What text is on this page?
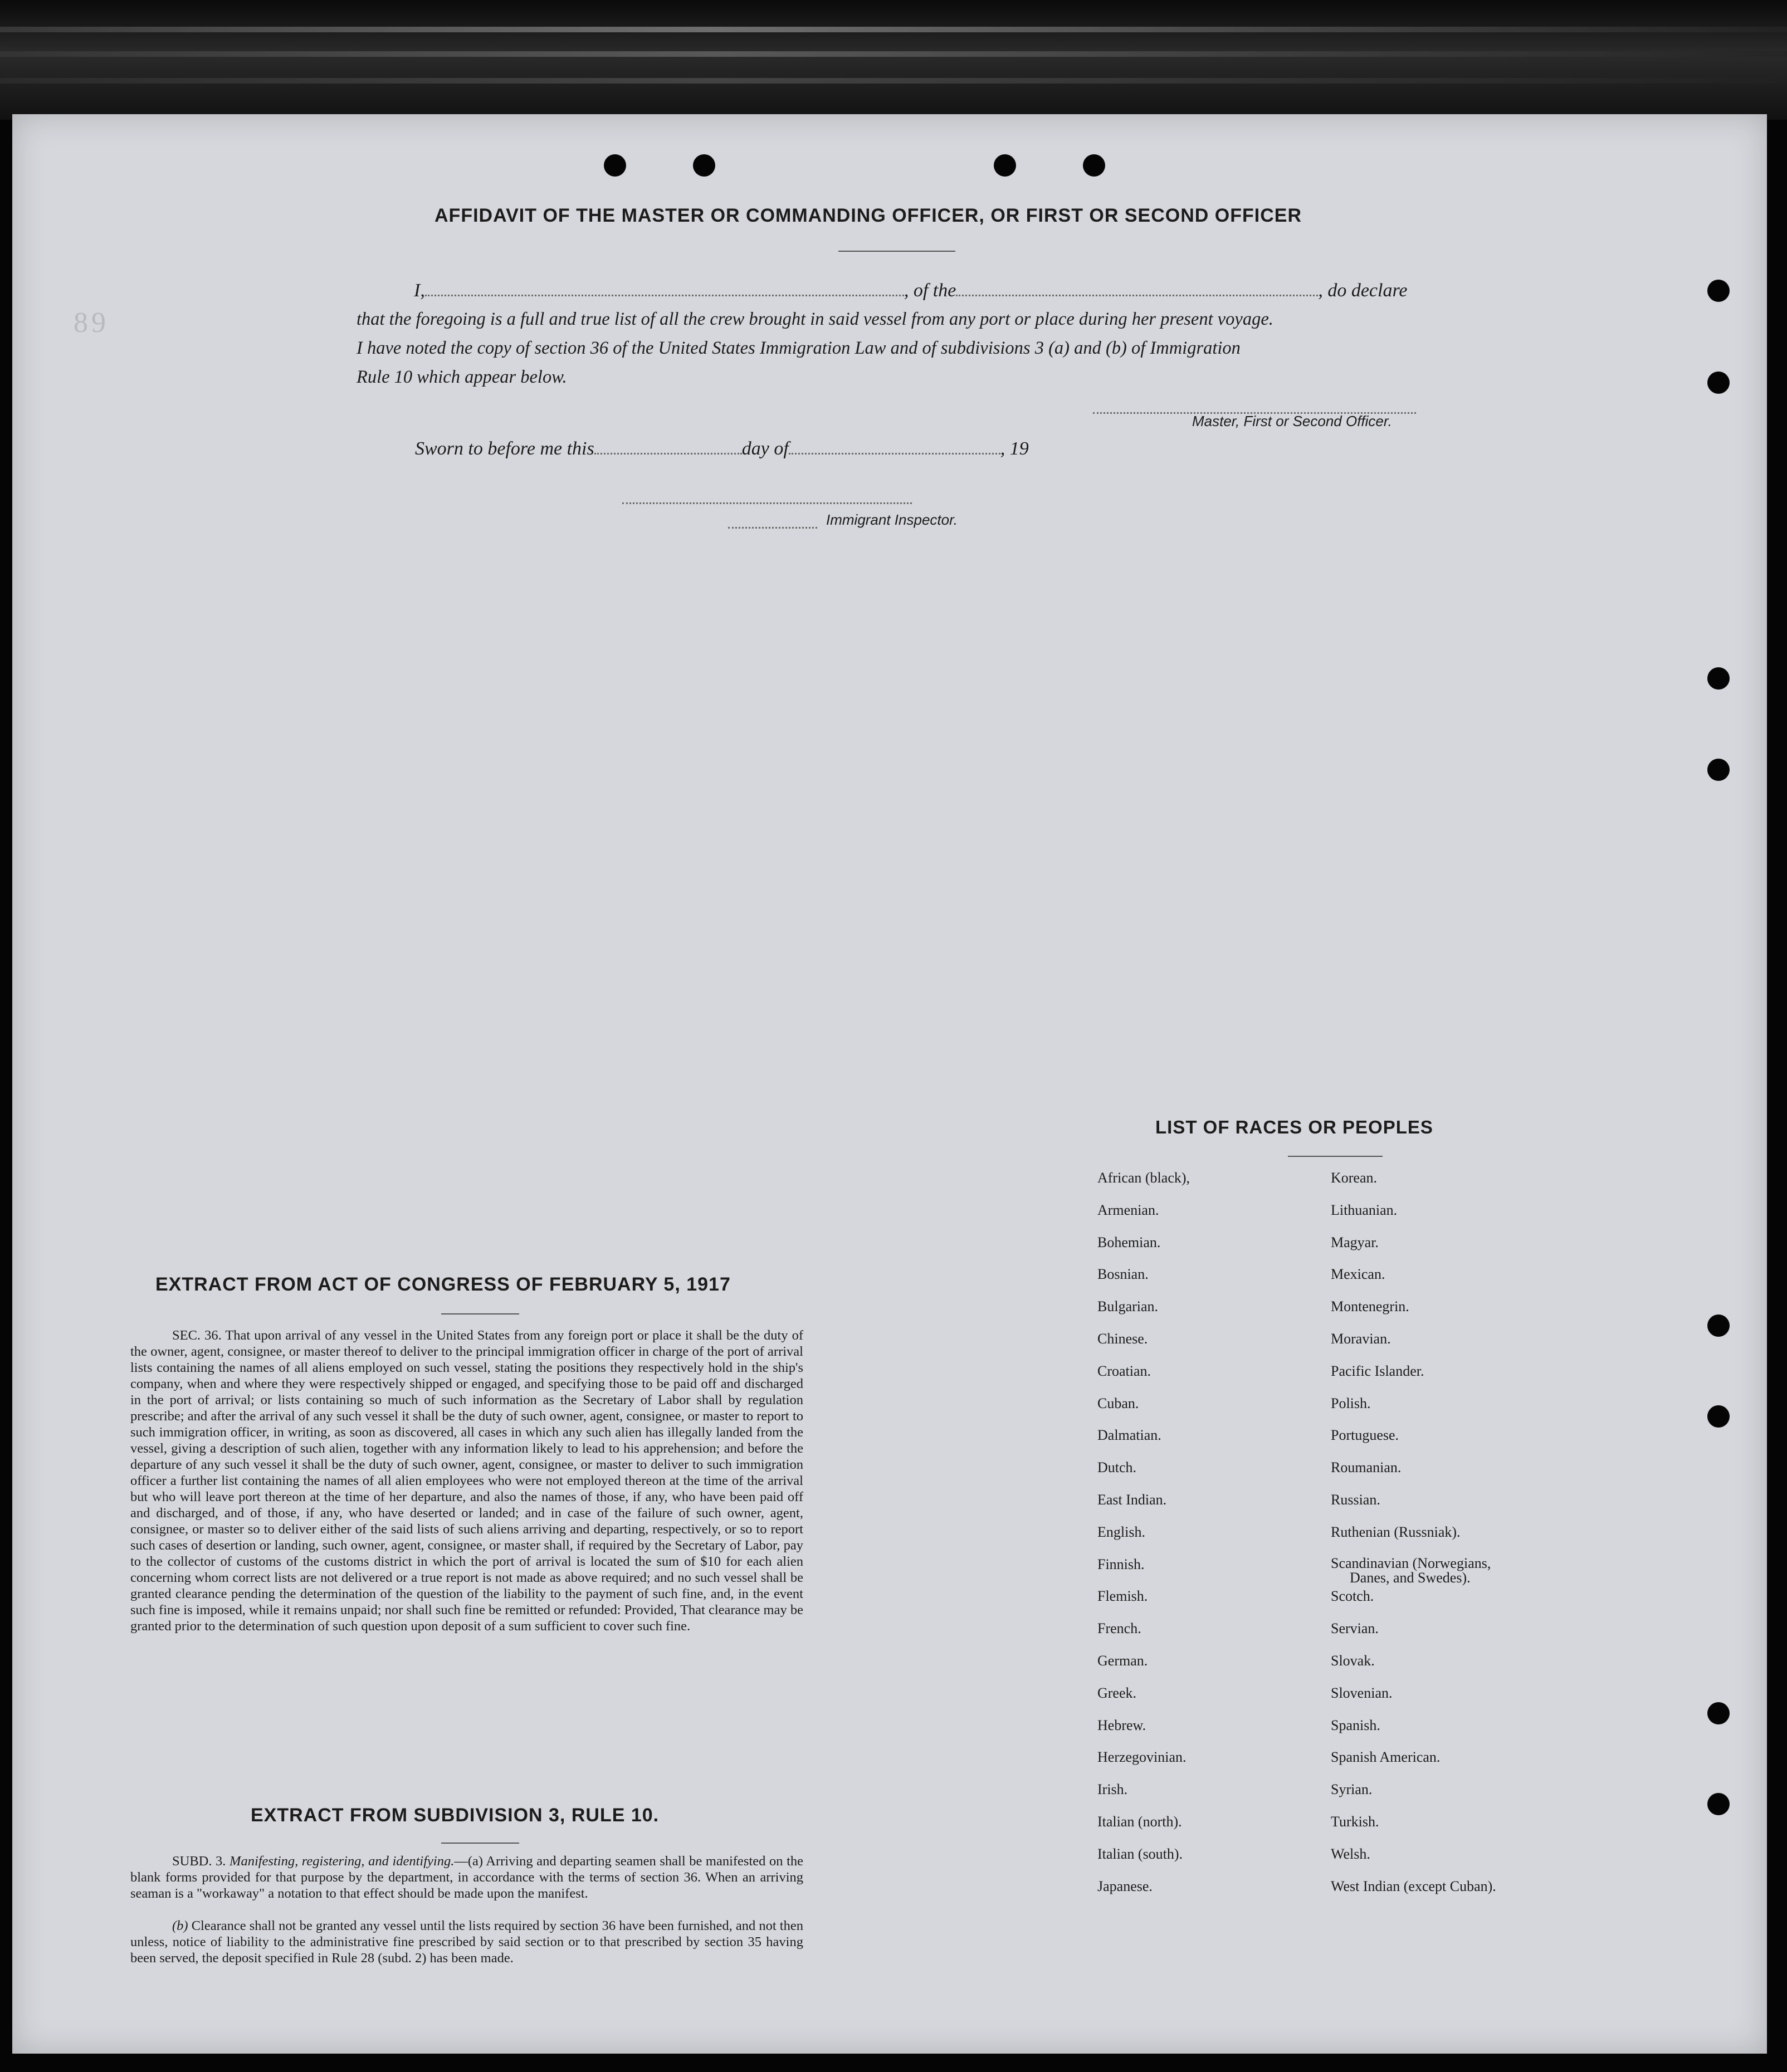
89
AFFIDAVIT OF THE MASTER OR COMMANDING OFFICER, OR FIRST OR SECOND OFFICER
I,	, of the	, do declare
that the foregoing is a full and true list of all the crew brought in said vessel from any port or place during her present voyage.
I have noted the copy of section 36 of the United States Immigration Law and of subdivisions 3 (a) and (b) of Immigration
Rule 10 which appear below.
Master, First or Second Officer.
Sworn to before me this	day of	, 19
Immigrant Inspector.
EXTRACT FROM ACT OF CONGRESS OF FEBRUARY 5, 1917
SEC. 36. That upon arrival of any vessel in the United States from any foreign port or place it shall be the duty of the owner, agent, consignee, or master thereof to deliver to the principal immigration officer in charge of the port of arrival lists containing the names of all aliens employed on such vessel, stating the positions they respectively hold in the ship's company, when and where they were respectively shipped or engaged, and specifying those to be paid off and discharged in the port of arrival; or lists containing so much of such information as the Secretary of Labor shall by regulation prescribe; and after the arrival of any such vessel it shall be the duty of such owner, agent, consignee, or master to report to such immigration officer, in writing, as soon as discovered, all cases in which any such alien has illegally landed from the vessel, giving a description of such alien, together with any information likely to lead to his apprehension; and before the departure of any such vessel it shall be the duty of such owner, agent, consignee, or master to deliver to such immigration officer a further list containing the names of all alien employees who were not employed thereon at the time of the arrival but who will leave port thereon at the time of her departure, and also the names of those, if any, who have been paid off and discharged, and of those, if any, who have deserted or landed; and in case of the failure of such owner, agent, consignee, or master so to deliver either of the said lists of such aliens arriving and departing, respectively, or so to report such cases of desertion or landing, such owner, agent, consignee, or master shall, if required by the Secretary of Labor, pay to the collector of customs of the customs district in which the port of arrival is located the sum of $10 for each alien concerning whom correct lists are not delivered or a true report is not made as above required; and no such vessel shall be granted clearance pending the determination of the question of the liability to the payment of such fine, and, in the event such fine is imposed, while it remains unpaid; nor shall such fine be remitted or refunded: Provided, That clearance may be granted prior to the determination of such question upon deposit of a sum sufficient to cover such fine.
EXTRACT FROM SUBDIVISION 3, RULE 10.
SUBD. 3. Manifesting, registering, and identifying.—(a) Arriving and departing seamen shall be manifested on the blank forms provided for that purpose by the department, in accordance with the terms of section 36. When an arriving seaman is a "workaway" a notation to that effect should be made upon the manifest.
(b) Clearance shall not be granted any vessel until the lists required by section 36 have been furnished, and not then unless, notice of liability to the administrative fine prescribed by said section or to that prescribed by section 35 having been served, the deposit specified in Rule 28 (subd. 2) has been made.
LIST OF RACES OR PEOPLES
African (black),
Armenian.
Bohemian.
Bosnian.
Bulgarian.
Chinese.
Croatian.
Cuban.
Dalmatian.
Dutch.
East Indian.
English.
Finnish.
Flemish.
French.
German.
Greek.
Hebrew.
Herzegovinian.
Irish.
Italian (north).
Italian (south).
Japanese.
Korean.
Lithuanian.
Magyar.
Mexican.
Montenegrin.
Moravian.
Pacific Islander.
Polish.
Portuguese.
Roumanian.
Russian.
Ruthenian (Russniak).
Scandinavian (Norwegians,
Danes, and Swedes).
Scotch.
Servian.
Slovak.
Slovenian.
Spanish.
Spanish American.
Syrian.
Turkish.
Welsh.
West Indian (except Cuban).
